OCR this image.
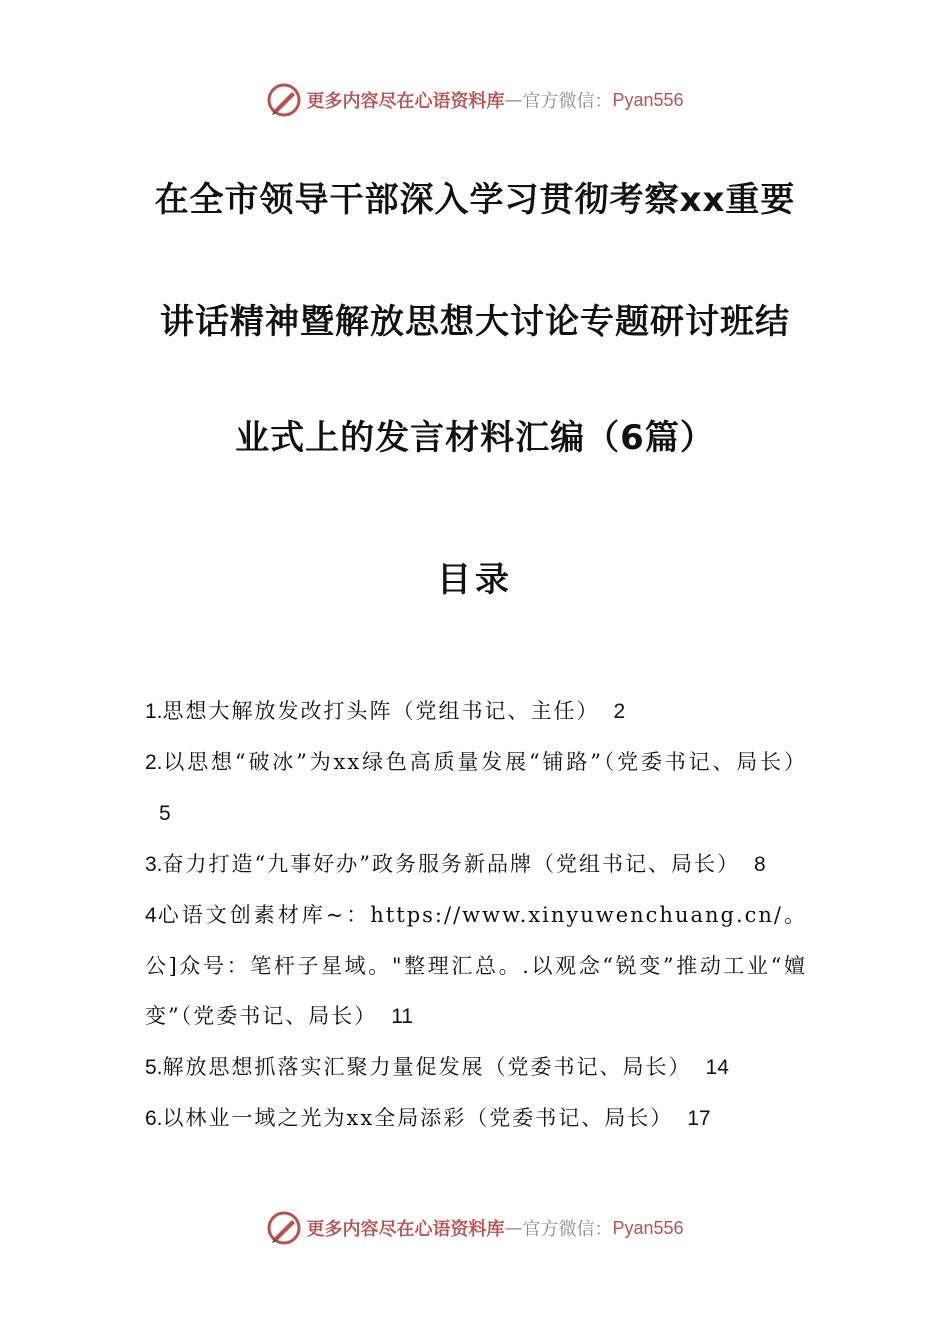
更多内容尽在心语资料库 — 官方微信： Pyan556
在全市领导干部深入学习贯彻考察xx重要
讲话精神暨解放思想大讨论专题研讨班结
业式上的发言材料汇编（6篇）
目录
1.思想大解放发改打头阵（党组书记、主任） 2
2.以思想“破冰”为xx绿色高质量发展“铺路”（党委书记、局长）5
3.奋力打造“九事好办”政务服务新品牌（党组书记、局长） 8
4心语文创素材库~：https://www.xinyuwenchuang.cn/。公]众号：笔杆子星域。"整理汇总。.以观念“锐变”推动工业“嬗变”（党委书记、局长） 11
5.解放思想抓落实汇聚力量促发展（党委书记、局长） 14
6.以林业一域之光为xx全局添彩（党委书记、局长） 17
更多内容尽在心语资料库 — 官方微信： Pyan556
